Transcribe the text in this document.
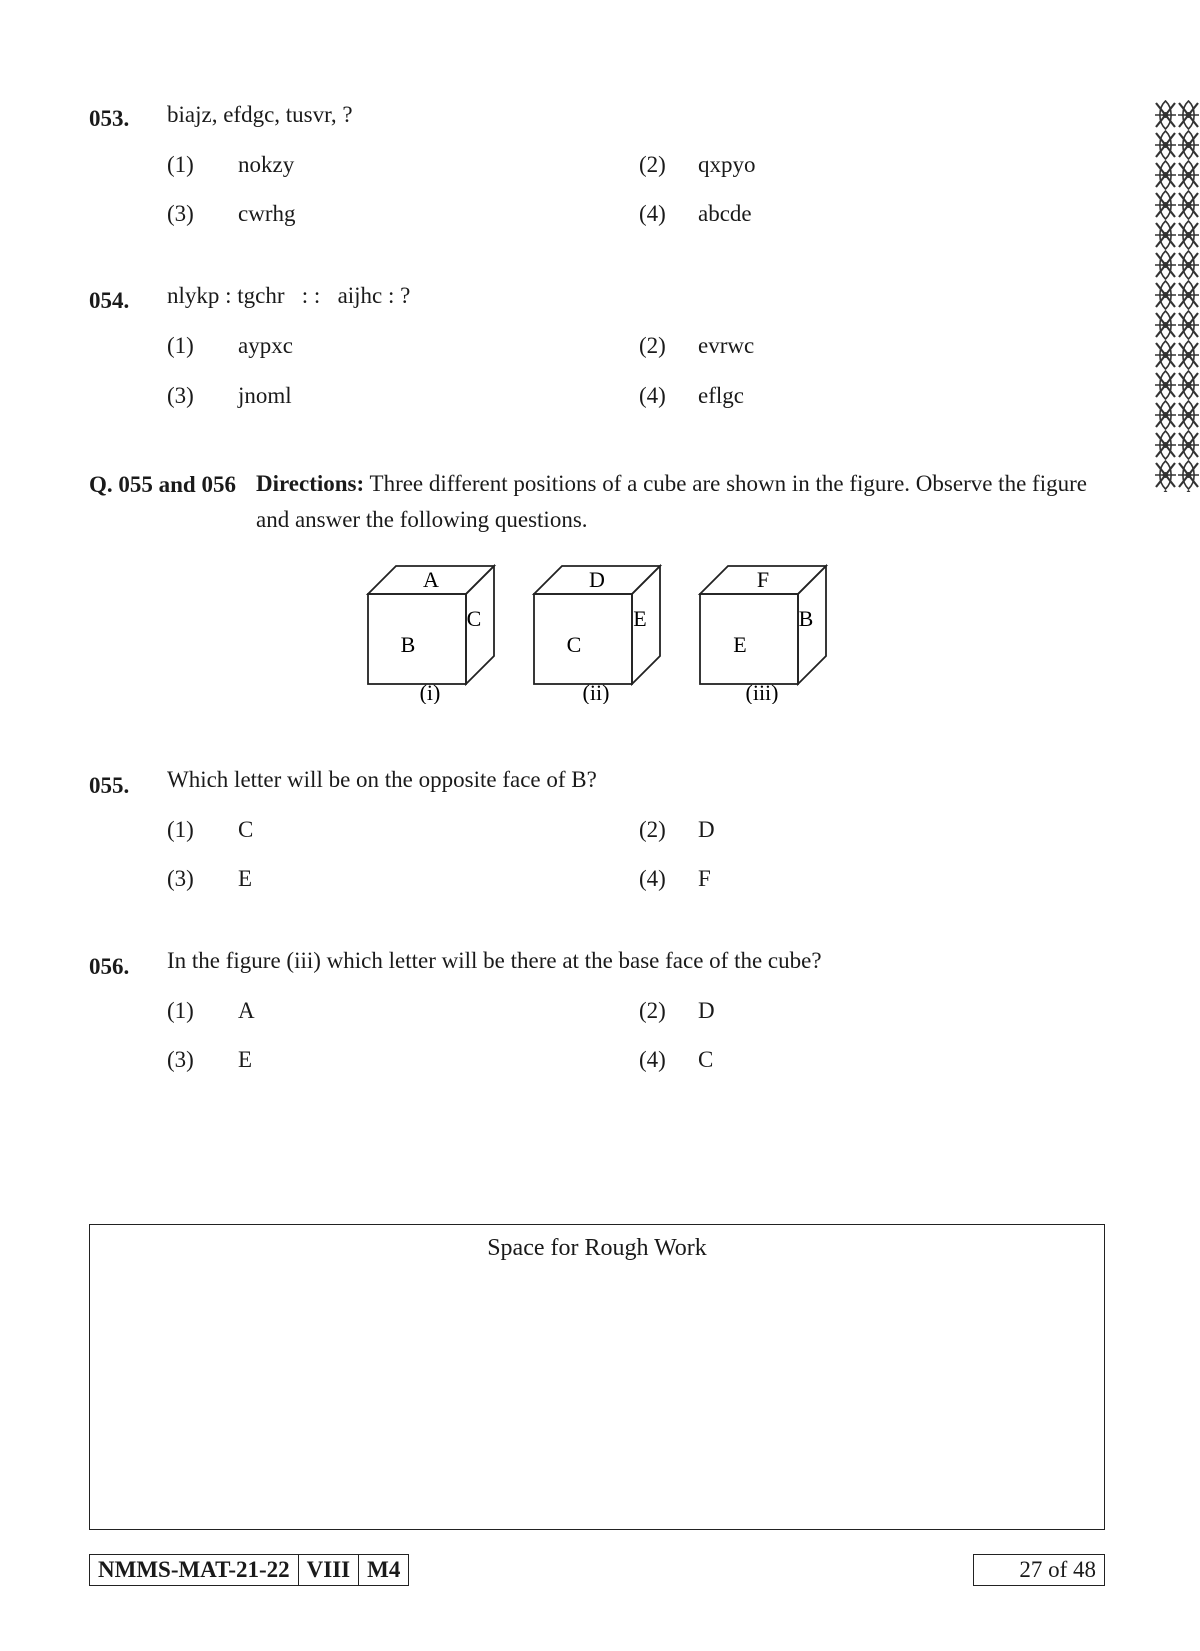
053. biajz, efdgc, tusvr, ?
(1) nokzy	(2) qxpyo
(3) cwrhg	(4) abcde
054. nlykp : tgchr   : :   aijhc : ?
(1) aypxc	(2) evrwc
(3) jnoml	(4) eflgc
Q. 055 and 056 Directions: Three different positions of a cube are shown in the figure. Observe the figure
and answer the following questions.
A
B
C
(i)
D
C
E
(ii)
F
E
B
(iii)
055. Which letter will be on the opposite face of B?
(1) C	(2) D
(3) E	(4) F
056. In the figure (iii) which letter will be there at the base face of the cube?
(1) A	(2) D
(3) E	(4) C
Space for Rough Work
NMMS-MAT-21-22 VIII M4	27 of 48
